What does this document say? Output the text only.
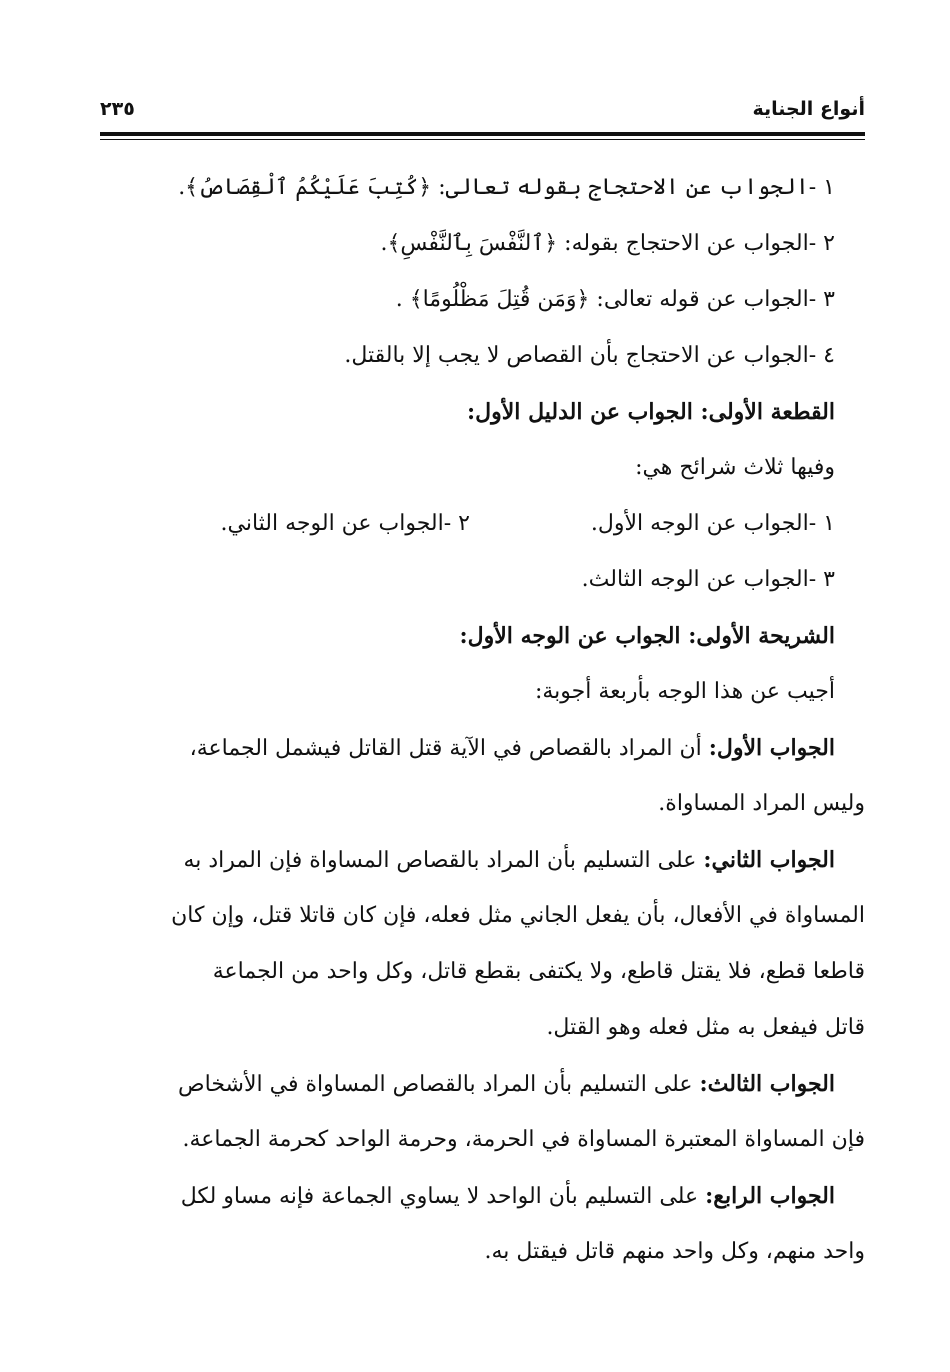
أنواع الجناية
٢٣٥
١ -الجواب عن الاحتجاج بقوله تعالى: ﴿كُتِبَ عَلَيْكُمُ ٱلْقِصَاصُ﴾.
٢ -الجواب عن الاحتجاج بقوله: ﴿ٱلنَّفْسَ بِٱلنَّفْسِ﴾.
٣ -الجواب عن قوله تعالى: ﴿وَمَن قُتِلَ مَظْلُومًا﴾ .
٤ -الجواب عن الاحتجاج بأن القصاص لا يجب إلا بالقتل.
القطعة الأولى: الجواب عن الدليل الأول:
وفيها ثلاث شرائح هي:
١ -الجواب عن الوجه الأول.
٢ -الجواب عن الوجه الثاني.
٣ -الجواب عن الوجه الثالث.
الشريحة الأولى: الجواب عن الوجه الأول:
أجيب عن هذا الوجه بأربعة أجوبة:
الجواب الأول: أن المراد بالقصاص في الآية قتل القاتل فيشمل الجماعة،
وليس المراد المساواة.
الجواب الثاني: على التسليم بأن المراد بالقصاص المساواة فإن المراد به
المساواة في الأفعال، بأن يفعل الجاني مثل فعله، فإن كان قاتلا قتل، وإن كان
قاطعا قطع، فلا يقتل قاطع، ولا يكتفى بقطع قاتل، وكل واحد من الجماعة
قاتل فيفعل به مثل فعله وهو القتل.
الجواب الثالث: على التسليم بأن المراد بالقصاص المساواة في الأشخاص
فإن المساواة المعتبرة المساواة في الحرمة، وحرمة الواحد كحرمة الجماعة.
الجواب الرابع: على التسليم بأن الواحد لا يساوي الجماعة فإنه مساو لكل
واحد منهم، وكل واحد منهم قاتل فيقتل به.
